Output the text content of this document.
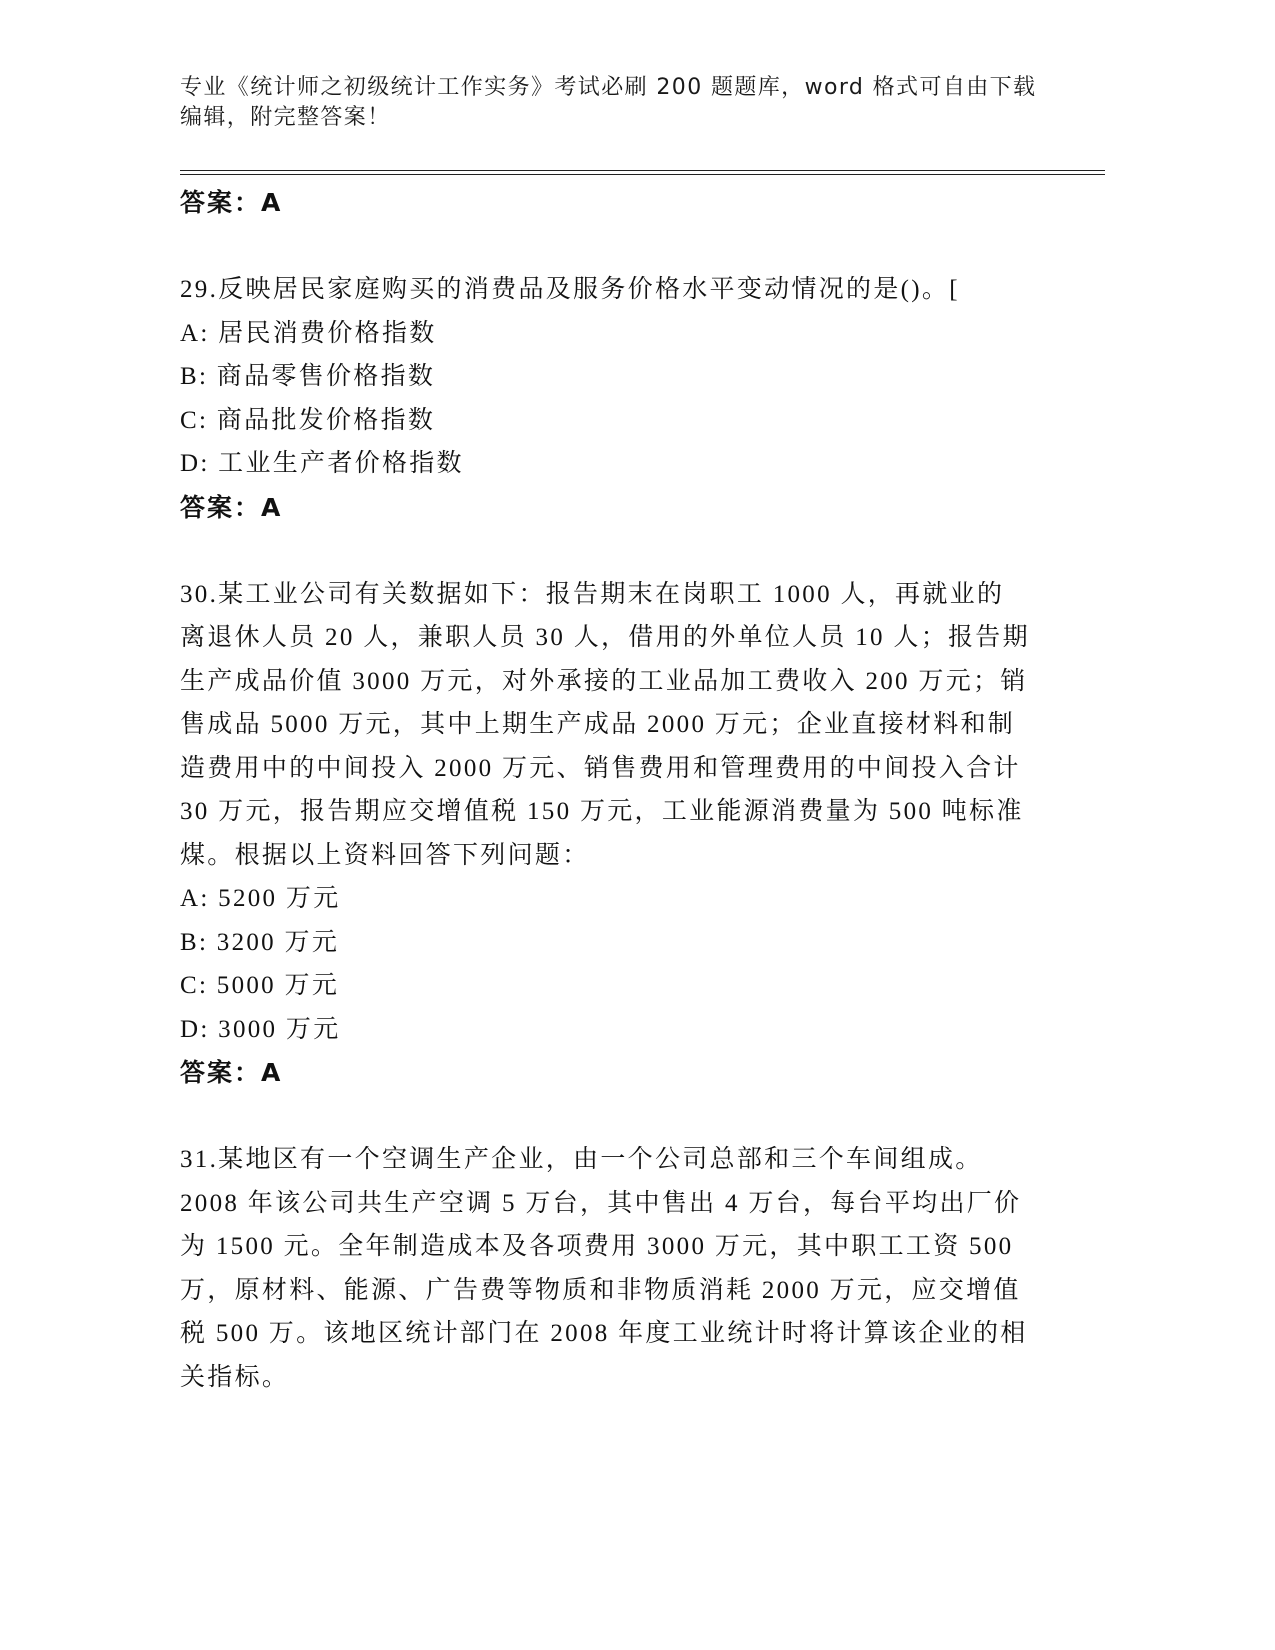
专业《统计师之初级统计工作实务》考试必刷 200 题题库，word 格式可自由下载
编辑，附完整答案！
答案：A
29.反映居民家庭购买的消费品及服务价格水平变动情况的是()。[
A: 居民消费价格指数
B: 商品零售价格指数
C: 商品批发价格指数
D: 工业生产者价格指数
答案：A
30.某工业公司有关数据如下：报告期末在岗职工 1000 人，再就业的
离退休人员 20 人，兼职人员 30 人，借用的外单位人员 10 人；报告期
生产成品价值 3000 万元，对外承接的工业品加工费收入 200 万元；销
售成品 5000 万元，其中上期生产成品 2000 万元；企业直接材料和制
造费用中的中间投入 2000 万元、销售费用和管理费用的中间投入合计
30 万元，报告期应交增值税 150 万元，工业能源消费量为 500 吨标准
煤。根据以上资料回答下列问题：
A: 5200 万元
B: 3200 万元
C: 5000 万元
D: 3000 万元
答案：A
31.某地区有一个空调生产企业，由一个公司总部和三个车间组成。
2008 年该公司共生产空调 5 万台，其中售出 4 万台，每台平均出厂价
为 1500 元。全年制造成本及各项费用 3000 万元，其中职工工资 500
万，原材料、能源、广告费等物质和非物质消耗 2000 万元，应交增值
税 500 万。该地区统计部门在 2008 年度工业统计时将计算该企业的相
关指标。
